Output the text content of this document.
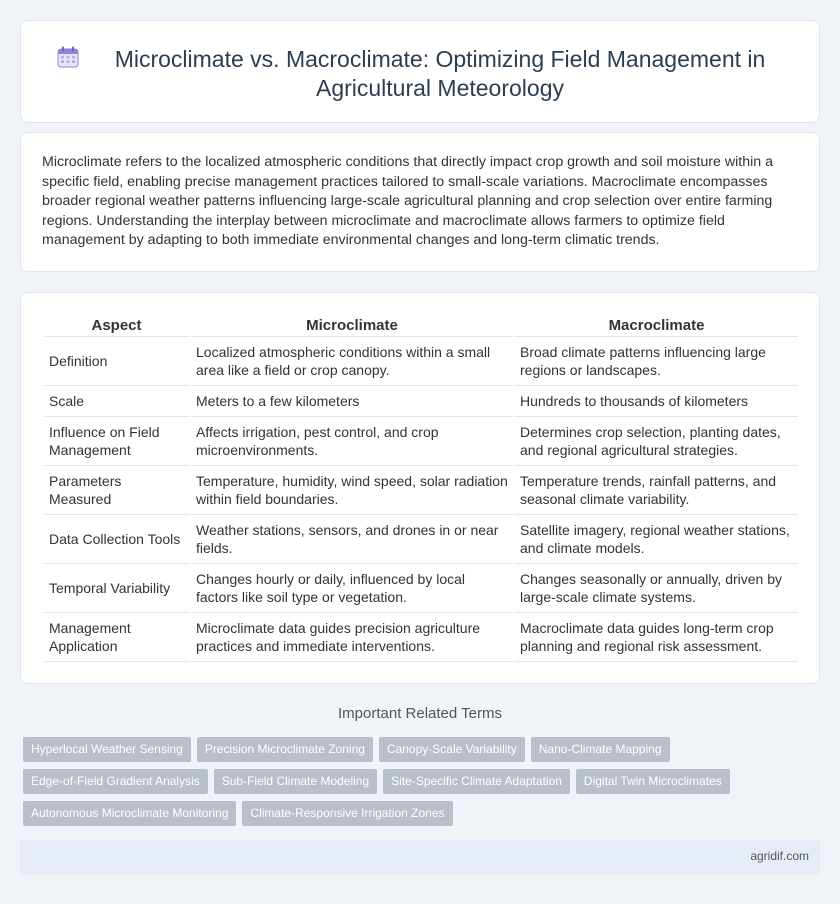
Microclimate vs. Macroclimate: Optimizing Field Management in Agricultural Meteorology

Microclimate refers to the localized atmospheric conditions that directly impact crop growth and soil moisture within a specific field, enabling precise management practices tailored to small-scale variations. Macroclimate encompasses broader regional weather patterns influencing large-scale agricultural planning and crop selection over entire farming regions. Understanding the interplay between microclimate and macroclimate allows farmers to optimize field management by adapting to both immediate environmental changes and long-term climatic trends.

Aspect	Microclimate	Macroclimate
Definition	Localized atmospheric conditions within a small area like a field or crop canopy.	Broad climate patterns influencing large regions or landscapes.
Scale	Meters to a few kilometers	Hundreds to thousands of kilometers
Influence on Field Management	Affects irrigation, pest control, and crop microenvironments.	Determines crop selection, planting dates, and regional agricultural strategies.
Parameters Measured	Temperature, humidity, wind speed, solar radiation within field boundaries.	Temperature trends, rainfall patterns, and seasonal climate variability.
Data Collection Tools	Weather stations, sensors, and drones in or near fields.	Satellite imagery, regional weather stations, and climate models.
Temporal Variability	Changes hourly or daily, influenced by local factors like soil type or vegetation.	Changes seasonally or annually, driven by large-scale climate systems.
Management Application	Microclimate data guides precision agriculture practices and immediate interventions.	Macroclimate data guides long-term crop planning and regional risk assessment.
Important Related Terms
Hyperlocal Weather Sensing	Precision Microclimate Zoning	Canopy-Scale Variability	Nano-Climate Mapping
Edge-of-Field Gradient Analysis	Sub-Field Climate Modeling	Site-Specific Climate Adaptation	Digital Twin Microclimates
Autonomous Microclimate Monitoring	Climate-Responsive Irrigation Zones
agridif.com
